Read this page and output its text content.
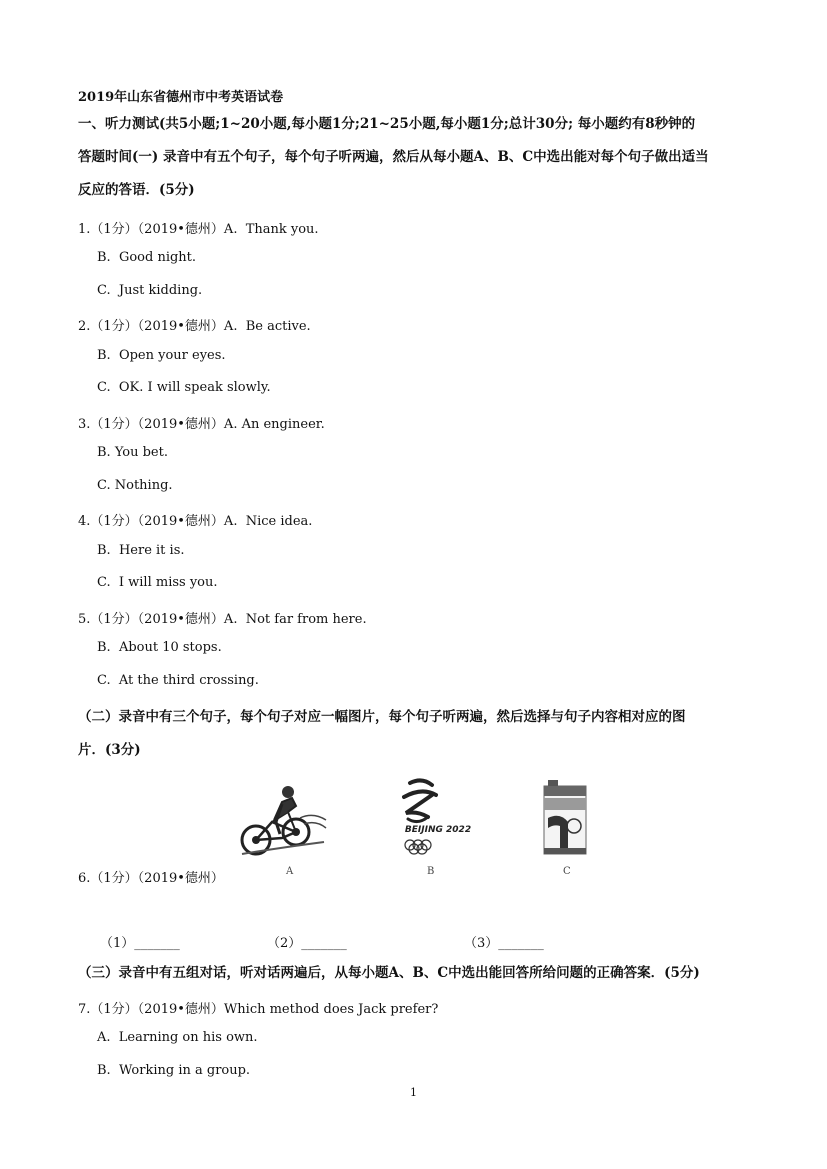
2019年山东省德州市中考英语试卷
一、听力测试(共5小题;1~20小题,每小题1分;21~25小题,每小题1分;总计30分; 每小题约有8秒钟的
答题时间(一) 录音中有五个句子，每个句子听两遍，然后从每小题A、B、C中选出能对每个句子做出适当
反应的答语．(5分)
1.（1分）（2019•德州）A.  Thank you.
B.  Good night.
C.  Just kidding.
2.（1分）（2019•德州）A.  Be active.
B.  Open your eyes.
C.  OK. I will speak slowly.
3.（1分）（2019•德州）A. An engineer.
B. You bet.
C. Nothing.
4.（1分）（2019•德州）A.  Nice idea.
B.  Here it is.
C.  I will miss you.
5.（1分）（2019•德州）A.  Not far from here.
B.  About 10 stops.
C.  At the third crossing.
（二）录音中有三个句子，每个句子对应一幅图片，每个句子听两遍，然后选择与句子内容相对应的图
片．(3分)
A
BEIJING 2022
B	C
6.（1分）（2019•德州）
（1）_______	（2）_______	（3）_______
（三）录音中有五组对话，听对话两遍后，从每小题A、B、C中选出能回答所给问题的正确答案．(5分)
7.（1分）（2019•德州）Which method does Jack prefer?
A.  Learning on his own.
B.  Working in a group.
1
